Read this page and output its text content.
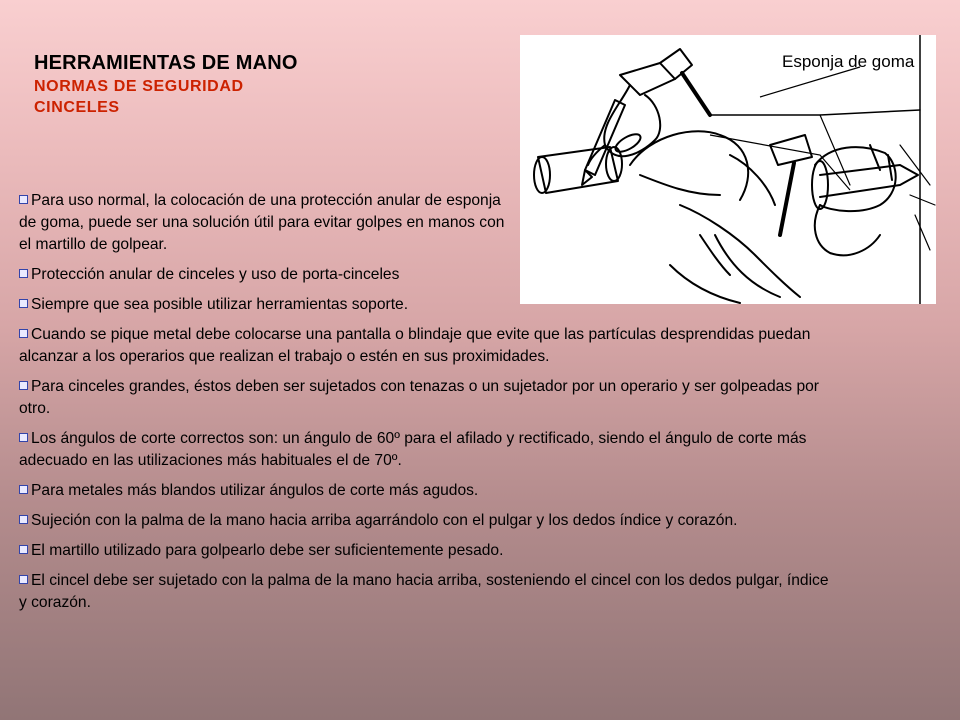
HERRAMIENTAS DE MANO
NORMAS DE SEGURIDAD
CINCELES
Esponja de goma
Para uso normal, la colocación de una protección anular de esponja de goma, puede ser una solución útil para evitar golpes en manos con el martillo de golpear.
Protección anular de cinceles y uso de porta-cinceles
Siempre que sea posible utilizar herramientas soporte.
Cuando se pique metal debe colocarse una pantalla o blindaje que evite que las partículas desprendidas puedan alcanzar a los operarios que realizan el trabajo o estén en sus proximidades.
Para cinceles grandes, éstos deben ser sujetados con tenazas o un sujetador por un operario y ser golpeadas por otro.
Los ángulos de corte correctos son: un ángulo de 60º para el afilado y rectificado, siendo el ángulo de corte más adecuado en las utilizaciones más habituales el de 70º.
Para metales más blandos utilizar ángulos de corte más agudos.
Sujeción con la palma de la mano hacia arriba agarrándolo con el pulgar y los dedos índice y corazón.
El martillo utilizado para golpearlo debe ser suficientemente pesado.
El cincel debe ser sujetado con la palma de la mano hacia arriba, sosteniendo el cincel con los dedos pulgar, índice y corazón.
